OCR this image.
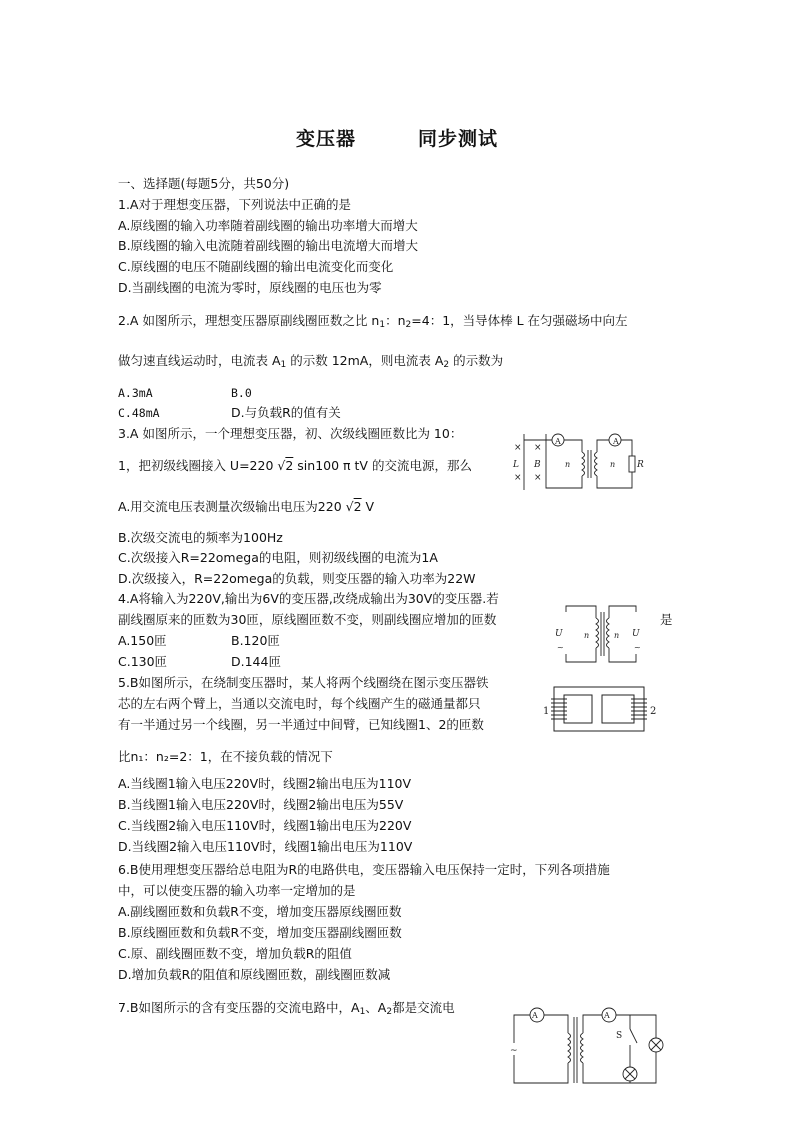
变压器	同步测试
一、选择题(每题5分，共50分)
1.A对于理想变压器，下列说法中正确的是
A.原线圈的输入功率随着副线圈的输出功率增大而增大
B.原线圈的输入电流随着副线圈的输出电流增大而增大
C.原线圈的电压不随副线圈的输出电流变化而变化
D.当副线圈的电流为零时，原线圈的电压也为零
2.A 如图所示，理想变压器原副线圈匝数之比 $n_1$：$n_2=4$：1，当导体棒 L 在匀强磁场中向左
做匀速直线运动时，电流表 $A_1$ 的示数 12mA，则电流表 $A_2$ 的示数为
A.3mA	B.0
C.48mA	D.与负载R的值有关
3.A 如图所示，一个理想变压器，初、次级线圈匝数比为 10：
1，把初级线圈接入 U=220 √2 sin100 π tV 的交流电源，那么
× ×
× ×
L B
A	A
n	n R
A.用交流电压表测量次级输出电压为220 √2 V
B.次级交流电的频率为100Hz
C.次级接入R=22omega的电阻，则初级线圈的电流为1A
D.次级接入，R=22omega的负载，则变压器的输入功率为22W
4.A将输入为220V,输出为6V的变压器,改绕成输出为30V的变压器.若
副线圈原来的匝数为30匝，原线圈匝数不变，则副线圈应增加的匝数	是
A.150匝	B.120匝
C.130匝	D.144匝
U	n	n U
~	~
5.B如图所示，在绕制变压器时，某人将两个线圈绕在图示变压器铁
芯的左右两个臂上，当通以交流电时，每个线圈产生的磁通量都只
有一半通过另一个线圈，另一半通过中间臂，已知线圈1、2的匝数
比n₁：n₂=2：1，在不接负载的情况下
1	2
A.当线圈1输入电压220V时，线圈2输出电压为110V
B.当线圈1输入电压220V时，线圈2输出电压为55V
C.当线圈2输入电压110V时，线圈1输出电压为220V
D.当线圈2输入电压110V时，线圈1输出电压为110V
6.B使用理想变压器给总电阻为R的电路供电，变压器输入电压保持一定时，下列各项措施
中，可以使变压器的输入功率一定增加的是
A.副线圈匝数和负载R不变，增加变压器原线圈匝数
B.原线圈匝数和负载R不变，增加变压器副线圈匝数
C.原、副线圈匝数不变，增加负载R的阻值
D.增加负载R的阻值和原线圈匝数，副线圈匝数减
7.B如图所示的含有变压器的交流电路中，$A_1$、$A_2$都是交流电
A	A
S
~
